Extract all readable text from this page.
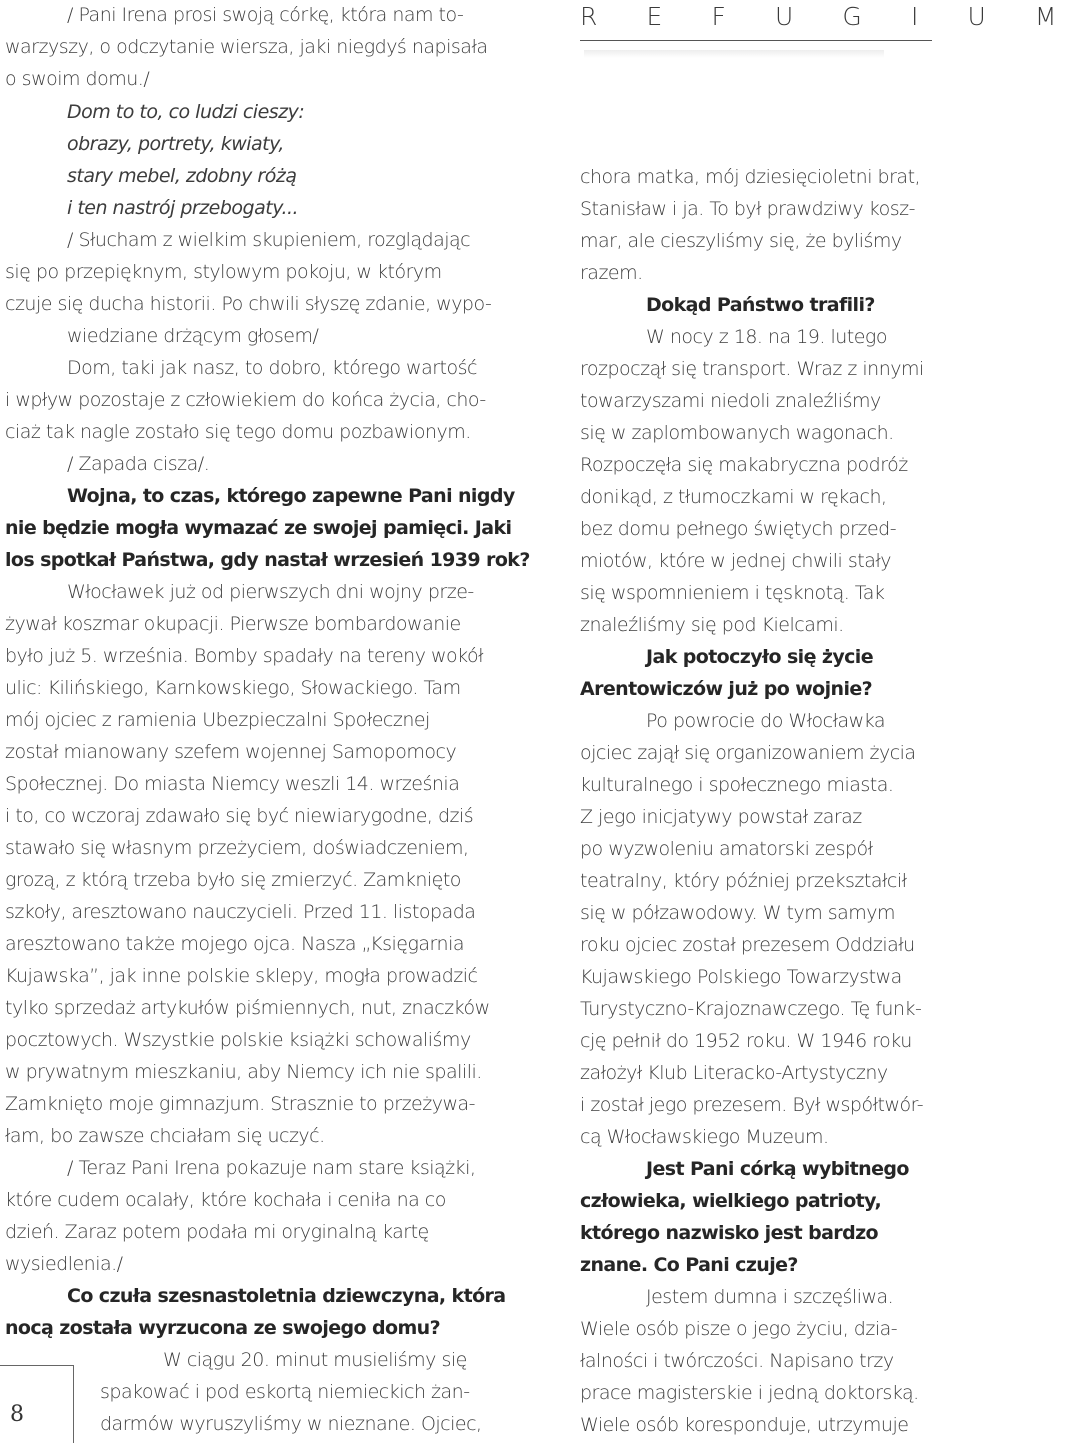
R E F U G I U M
/ Pani Irena prosi swoją córkę, która nam to-
warzyszy, o odczytanie wiersza, jaki niegdyś napisała
o swoim domu./
Dom to to, co ludzi cieszy:
obrazy, portrety, kwiaty,
stary mebel, zdobny różą
i ten nastrój przebogaty...
/ Słucham z wielkim skupieniem, rozglądając
się po przepięknym, stylowym pokoju, w którym
czuje się ducha historii. Po chwili słyszę zdanie, wypo-
wiedziane drżącym głosem/
Dom, taki jak nasz, to dobro, którego wartość
i wpływ pozostaje z człowiekiem do końca życia, cho-
ciaż tak nagle zostało się tego domu pozbawionym.
/ Zapada cisza/.
Wojna, to czas, którego zapewne Pani nigdy
nie będzie mogła wymazać ze swojej pamięci. Jaki
los spotkał Państwa, gdy nastał wrzesień 1939 rok?
Włocławek już od pierwszych dni wojny prze-
żywał koszmar okupacji. Pierwsze bombardowanie
było już 5. września. Bomby spadały na tereny wokół
ulic: Kilińskiego, Karnkowskiego, Słowackiego. Tam
mój ojciec z ramienia Ubezpieczalni Społecznej
został mianowany szefem wojennej Samopomocy
Społecznej. Do miasta Niemcy weszli 14. września
i to, co wczoraj zdawało się być niewiarygodne, dziś
stawało się własnym przeżyciem, doświadczeniem,
grozą, z którą trzeba było się zmierzyć. Zamknięto
szkoły, aresztowano nauczycieli. Przed 11. listopada
aresztowano także mojego ojca. Nasza „Księgarnia
Kujawska”, jak inne polskie sklepy, mogła prowadzić
tylko sprzedaż artykułów piśmiennych, nut, znaczków
pocztowych. Wszystkie polskie książki schowaliśmy
w prywatnym mieszkaniu, aby Niemcy ich nie spalili.
Zamknięto moje gimnazjum. Strasznie to przeżywa-
łam, bo zawsze chciałam się uczyć.
/ Teraz Pani Irena pokazuje nam stare książki,
które cudem ocalały, które kochała i ceniła na co
dzień. Zaraz potem podała mi oryginalną kartę
wysiedlenia./
Co czuła szesnastoletnia dziewczyna, która
nocą została wyrzucona ze swojego domu?
W ciągu 20. minut musieliśmy się
spakować i pod eskortą niemieckich żan-
darmów wyruszyliśmy w nieznane. Ojciec,
chora matka, mój dziesięcioletni brat,
Stanisław i ja. To był prawdziwy kosz-
mar, ale cieszyliśmy się, że byliśmy
razem.
Dokąd Państwo trafili?
W nocy z 18. na 19. lutego
rozpoczął się transport. Wraz z innymi
towarzyszami niedoli znaleźliśmy
się w zaplombowanych wagonach.
Rozpoczęła się makabryczna podróż
donikąd, z tłumoczkami w rękach,
bez domu pełnego świętych przed-
miotów, które w jednej chwili stały
się wspomnieniem i tęsknotą. Tak
znaleźliśmy się pod Kielcami.
Jak potoczyło się życie
Arentowiczów już po wojnie?
Po powrocie do Włocławka
ojciec zajął się organizowaniem życia
kulturalnego i społecznego miasta.
Z jego inicjatywy powstał zaraz
po wyzwoleniu amatorski zespół
teatralny, który później przekształcił
się w półzawodowy. W tym samym
roku ojciec został prezesem Oddziału
Kujawskiego Polskiego Towarzystwa
Turystyczno-Krajoznawczego. Tę funk-
cję pełnił do 1952 roku. W 1946 roku
założył Klub Literacko-Artystyczny
i został jego prezesem. Był współtwór-
cą Włocławskiego Muzeum.
Jest Pani córką wybitnego
człowieka, wielkiego patrioty,
którego nazwisko jest bardzo
znane. Co Pani czuje?
Jestem dumna i szczęśliwa.
Wiele osób pisze o jego życiu, dzia-
łalności i twórczości. Napisano trzy
prace magisterskie i jedną doktorską.
Wiele osób koresponduje, utrzymuje
8
